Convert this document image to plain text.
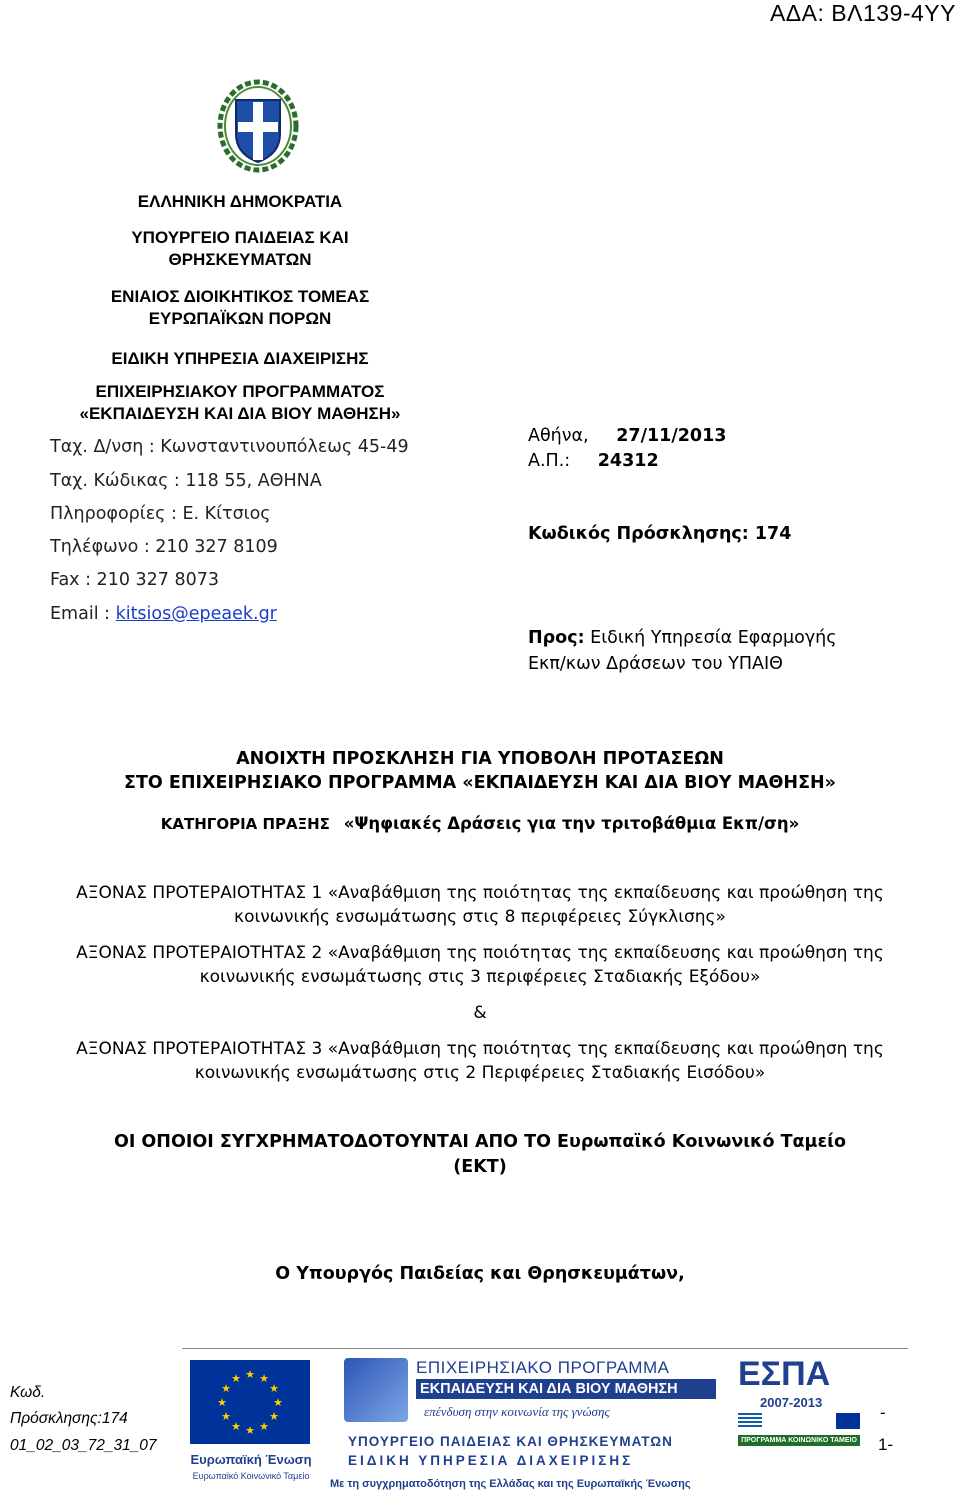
ΑΔΑ: ΒΛ139-4ΥΥ
ΕΛΛΗΝΙΚΗ ΔΗΜΟΚΡΑΤΙΑ
ΥΠΟΥΡΓΕΙΟ ΠΑΙΔΕΙΑΣ ΚΑΙ
ΘΡΗΣΚΕΥΜΑΤΩΝ
ΕΝΙΑΙΟΣ ΔΙΟΙΚΗΤΙΚΟΣ ΤΟΜΕΑΣ
ΕΥΡΩΠΑΪΚΩΝ ΠΟΡΩΝ
ΕΙΔΙΚΗ ΥΠΗΡΕΣΙΑ ΔΙΑΧΕΙΡΙΣΗΣ
ΕΠΙΧΕΙΡΗΣΙΑΚΟΥ ΠΡΟΓΡΑΜΜΑΤΟΣ
«ΕΚΠΑΙΔΕΥΣΗ ΚΑΙ ΔΙΑ ΒΙΟΥ ΜΑΘΗΣΗ»
Ταχ. Δ/νση : Κωνσταντινουπόλεως 45-49
Ταχ. Κώδικας : 118 55, ΑΘΗΝΑ
Πληροφορίες : Ε. Κίτσιος
Τηλέφωνο : 210 327 8109
Fax : 210 327 8073
Email : kitsios@epeaek.gr
Αθήνα, 27/11/2013
Α.Π.: 24312
Κωδικός Πρόσκλησης: 174
Προς: Ειδική Υπηρεσία Εφαρμογής
Εκπ/κων Δράσεων του ΥΠΑΙΘ
ΑΝΟΙΧΤΗ ΠΡΟΣΚΛΗΣΗ ΓΙΑ ΥΠΟΒΟΛΗ ΠΡΟΤΑΣΕΩΝ
ΣΤΟ ΕΠΙΧΕΙΡΗΣΙΑΚΟ ΠΡΟΓΡΑΜΜΑ «ΕΚΠΑΙΔΕΥΣΗ ΚΑΙ ΔΙΑ ΒΙΟΥ ΜΑΘΗΣΗ»
ΚΑΤΗΓΟΡΙΑ ΠΡΑΞΗΣ «Ψηφιακές Δράσεις για την τριτοβάθμια Εκπ/ση»
ΑΞΟΝΑΣ ΠΡΟΤΕΡΑΙΟΤΗΤΑΣ 1 «Αναβάθμιση της ποιότητας της εκπαίδευσης και προώθηση της
κοινωνικής ενσωμάτωσης στις 8 περιφέρειες Σύγκλισης»
ΑΞΟΝΑΣ ΠΡΟΤΕΡΑΙΟΤΗΤΑΣ 2 «Αναβάθμιση της ποιότητας της εκπαίδευσης και προώθηση της
κοινωνικής ενσωμάτωσης στις 3 περιφέρειες Σταδιακής Εξόδου»
&
ΑΞΟΝΑΣ ΠΡΟΤΕΡΑΙΟΤΗΤΑΣ 3 «Αναβάθμιση της ποιότητας της εκπαίδευσης και προώθηση της
κοινωνικής ενσωμάτωσης στις 2 Περιφέρειες Σταδιακής Εισόδου»
ΟΙ ΟΠΟΙΟΙ ΣΥΓΧΡΗΜΑΤΟΔΟΤΟΥΝΤΑΙ ΑΠΟ ΤΟ Ευρωπαϊκό Κοινωνικό Ταμείο
(ΕΚΤ)
Ο Υπουργός Παιδείας και Θρησκευμάτων,
Κωδ.
Πρόσκλησης:174
01_02_03_72_31_07
★ ★
★
★
★
★
★
★
★
★
★
★
Ευρωπαϊκή Ένωση
Ευρωπαϊκό Κοινωνικό Ταμείο
ΕΠΙΧΕΙΡΗΣΙΑΚΟ ΠΡΟΓΡΑΜΜΑ
ΕΚΠΑΙΔΕΥΣΗ ΚΑΙ ΔΙΑ ΒΙΟΥ ΜΑΘΗΣΗ
επένδυση στην κοινωνία της γνώσης
ΥΠΟΥΡΓΕΙΟ ΠΑΙΔΕΙΑΣ ΚΑΙ ΘΡΗΣΚΕΥΜΑΤΩΝ
ΕΙΔΙΚΗ ΥΠΗΡΕΣΙΑ ΔΙΑΧΕΙΡΙΣΗΣ
Με τη συγχρηματοδότηση της Ελλάδας και της Ευρωπαϊκής Ένωσης
ΕΣΠΑ
2007-2013
ΠΡΟΓΡΑΜΜΑ ΚΟΙΝΩΝΙΚΟ ΤΑΜΕΙΟ
-
1-
